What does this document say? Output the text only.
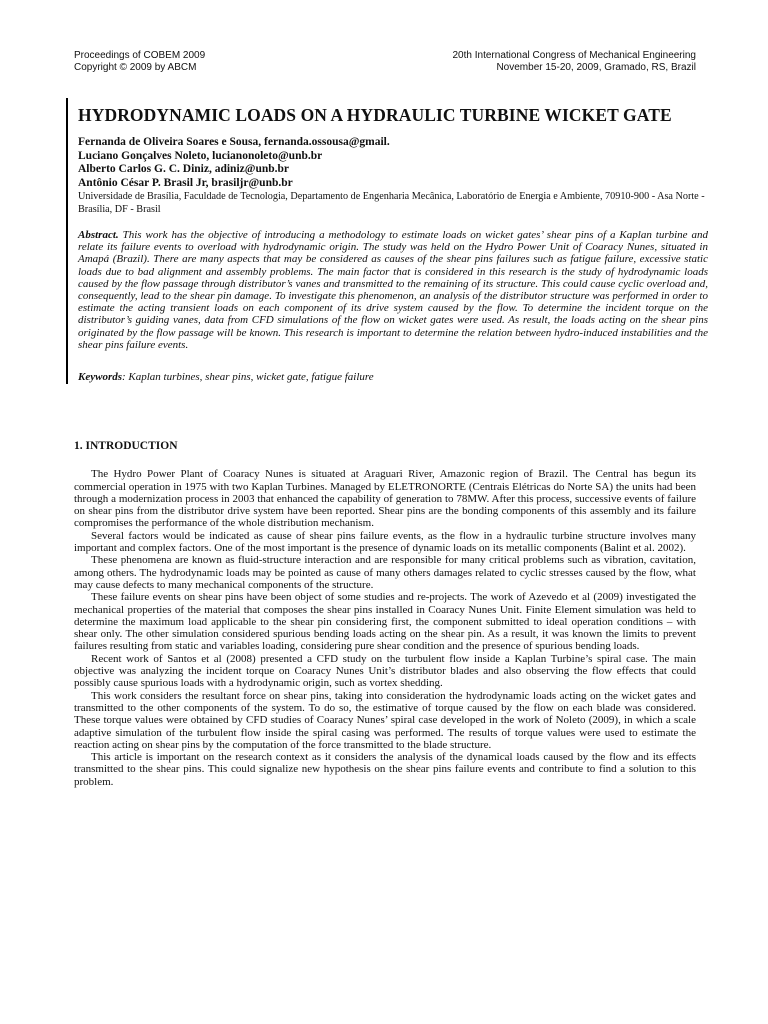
Proceedings of COBEM 2009
Copyright © 2009 by ABCM
20th International Congress of Mechanical Engineering
November 15-20, 2009, Gramado, RS, Brazil
HYDRODYNAMIC LOADS ON A HYDRAULIC TURBINE WICKET GATE
Fernanda de Oliveira Soares e Sousa, fernanda.ossousa@gmail.
Luciano Gonçalves Noleto, lucianonoleto@unb.br
Alberto Carlos G. C. Diniz, adiniz@unb.br
Antônio César P. Brasil Jr, brasiljr@unb.br
Universidade de Brasília, Faculdade de Tecnologia, Departamento de Engenharia Mecânica, Laboratório de Energia e Ambiente, 70910-900 - Asa Norte - Brasília, DF - Brasil
Abstract. This work has the objective of introducing a methodology to estimate loads on wicket gates’ shear pins of a Kaplan turbine and relate its failure events to overload with hydrodynamic origin. The study was held on the Hydro Power Unit of Coaracy Nunes, situated in Amapá (Brazil). There are many aspects that may be considered as causes of the shear pins failures such as fatigue failure, excessive static loads due to bad alignment and assembly problems. The main factor that is considered in this research is the study of hydrodynamic loads caused by the flow passage through distributor’s vanes and transmitted to the remaining of its structure. This could cause cyclic overload and, consequently, lead to the shear pin damage. To investigate this phenomenon, an analysis of the distributor structure was performed in order to estimate the acting transient loads on each component of its drive system caused by the flow. To determine the incident torque on the distributor’s guiding vanes, data from CFD simulations of the flow on wicket gates were used. As result, the loads acting on the shear pins originated by the flow passage will be known. This research is important to determine the relation between hydro-induced instabilities and the shear pins failure events.
Keywords: Kaplan turbines, shear pins, wicket gate, fatigue failure
1. INTRODUCTION

The Hydro Power Plant of Coaracy Nunes is situated at Araguari River, Amazonic region of Brazil. The Central has begun its commercial operation in 1975 with two Kaplan Turbines. Managed by ELETRONORTE (Centrais Elétricas do Norte SA) the units had been through a modernization process in 2003 that enhanced the capability of generation to 78MW. After this process, successive events of failure on shear pins from the distributor drive system have been reported. Shear pins are the bonding components of this assembly and its failure compromises the performance of the whole distribution mechanism.

Several factors would be indicated as cause of shear pins failure events, as the flow in a hydraulic turbine structure involves many important and complex factors. One of the most important is the presence of dynamic loads on its metallic components (Balint et al. 2002).

These phenomena are known as fluid-structure interaction and are responsible for many critical problems such as vibration, cavitation, among others. The hydrodynamic loads may be pointed as cause of many others damages related to cyclic stresses caused by the flow, what may cause defects to many mechanical components of the structure.

These failure events on shear pins have been object of some studies and re-projects. The work of Azevedo et al (2009) investigated the mechanical properties of the material that composes the shear pins installed in Coaracy Nunes Unit. Finite Element simulation was held to determine the maximum load applicable to the shear pin considering first, the component submitted to ideal operation conditions – with shear only. The other simulation considered spurious bending loads acting on the shear pin. As a result, it was known the limits to prevent failures resulting from static and variables loading, considering pure shear condition and the presence of spurious bending loads.

Recent work of Santos et al (2008) presented a CFD study on the turbulent flow inside a Kaplan Turbine’s spiral case. The main objective was analyzing the incident torque on Coaracy Nunes Unit’s distributor blades and also observing the flow effects that could possibly cause spurious loads with a hydrodynamic origin, such as vortex shedding.

This work considers the resultant force on shear pins, taking into consideration the hydrodynamic loads acting on the wicket gates and transmitted to the other components of the system. To do so, the estimative of torque caused by the flow on each blade was considered. These torque values were obtained by CFD studies of Coaracy Nunes’ spiral case developed in the work of Noleto (2009), in which a scale adaptive simulation of the turbulent flow inside the spiral casing was performed. The results of torque values were used to estimate the reaction acting on shear pins by the computation of the force transmitted to the blade structure.

This article is important on the research context as it considers the analysis of the dynamical loads caused by the flow and its effects transmitted to the shear pins. This could signalize new hypothesis on the shear pins failure events and contribute to find a solution to this problem.
